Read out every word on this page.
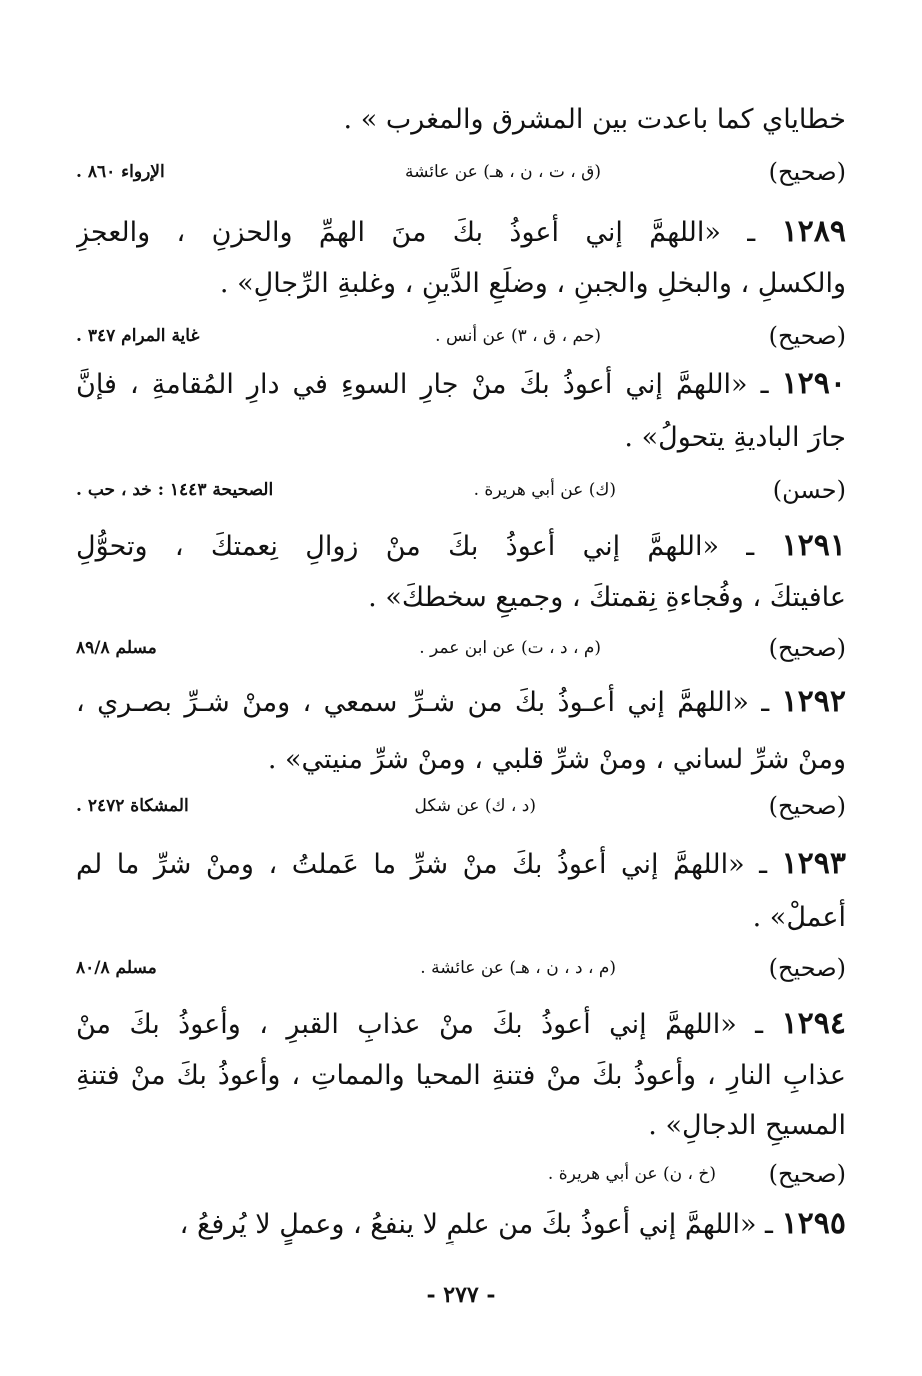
خطاياي كما باعدت بين المشرق والمغرب » .
(صحيح)
(ق ، ت ، ن ، هـ) عن عائشة
الإرواء ٨٦٠ .
١٢٨٩ ـ «اللهمَّ إني أعوذُ بكَ منَ الهمِّ والحزنِ ، والعجزِ
والكسلِ ، والبخلِ والجبنِ ، وضلَعِ الدَّينِ ، وغلبةِ الرِّجالِ» .
(صحيح)
(حم ، ق ، ٣) عن أنس .
غاية المرام ٣٤٧ .
١٢٩٠ ـ «اللهمَّ إني أعوذُ بكَ منْ جارِ السوءِ في دارِ المُقامةِ ، فإنَّ
جارَ الباديةِ يتحولُ» .
(حسن)
(ك) عن أبي هريرة .
الصحيحة ١٤٤٣ : خد ، حب .
١٢٩١ ـ «اللهمَّ إني أعوذُ بكَ منْ زوالِ نِعمتكَ ، وتحوُّلِ
عافيتكَ ، وفُجاءةِ نِقمتكَ ، وجميعِ سخطكَ» .
(صحيح)
(م ، د ، ت) عن ابن عمر .
مسلم ٨٩/٨
١٢٩٢ ـ «اللهمَّ إني أعـوذُ بكَ من شـرِّ سمعي ، ومنْ شـرِّ بصـري ،
ومنْ شرِّ لساني ، ومنْ شرِّ قلبي ، ومنْ شرِّ منيتي» .
(صحيح)
(د ، ك) عن شكل
المشكاة ٢٤٧٢ .
١٢٩٣ ـ «اللهمَّ إني أعوذُ بكَ منْ شرِّ ما عَملتُ ، ومنْ شرِّ ما لم
أعملْ» .
(صحيح)
(م ، د ، ن ، هـ) عن عائشة .
مسلم ٨٠/٨
١٢٩٤ ـ «اللهمَّ إني أعوذُ بكَ منْ عذابِ القبرِ ، وأعوذُ بكَ منْ
عذابِ النارِ ، وأعوذُ بكَ منْ فتنةِ المحيا والمماتِ ، وأعوذُ بكَ منْ فتنةِ
المسيحِ الدجالِ» .
(صحيح)
(خ ، ن) عن أبي هريرة .
١٢٩٥ ـ «اللهمَّ إني أعوذُ بكَ من علمٍ لا ينفعُ ، وعملٍ لا يُرفعُ ،
- ٢٧٧ -
